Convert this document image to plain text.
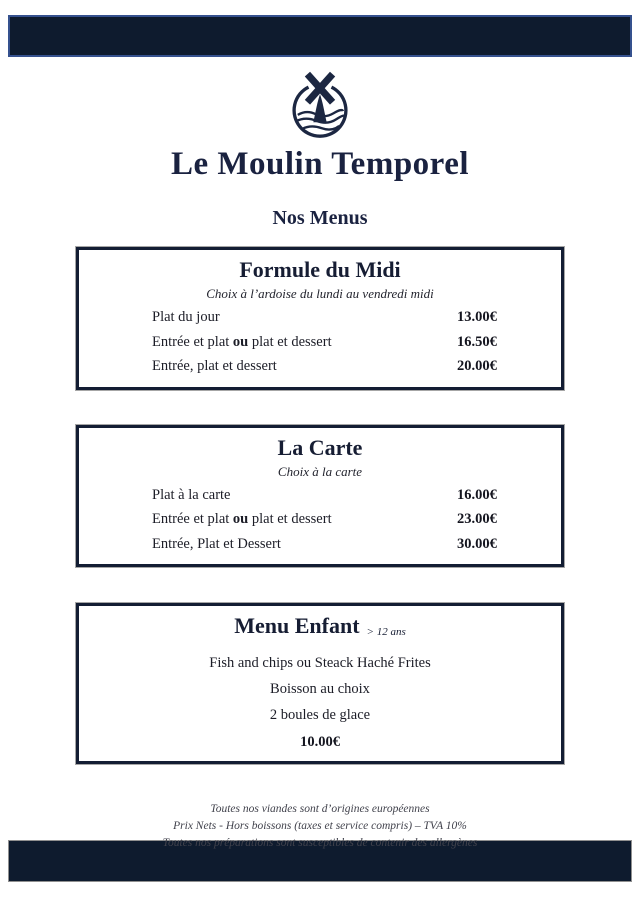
Le Moulin Temporel
Nos Menus
Formule du Midi
Choix à l’ardoise du lundi au vendredi midi
Plat du jour	13.00€
Entrée et plat ou plat et dessert	16.50€
Entrée, plat et dessert	20.00€
La Carte
Choix à la carte
Plat à la carte	16.00€
Entrée et plat ou plat et dessert	23.00€
Entrée, Plat et Dessert	30.00€
Menu Enfant > 12 ans
Fish and chips ou Steack Haché Frites
Boisson au choix
2 boules de glace
10.00€
Toutes nos viandes sont d’origines européennes
Prix Nets - Hors boissons (taxes et service compris) – TVA 10%
Toutes nos préparations sont susceptibles de contenir des allergènes
